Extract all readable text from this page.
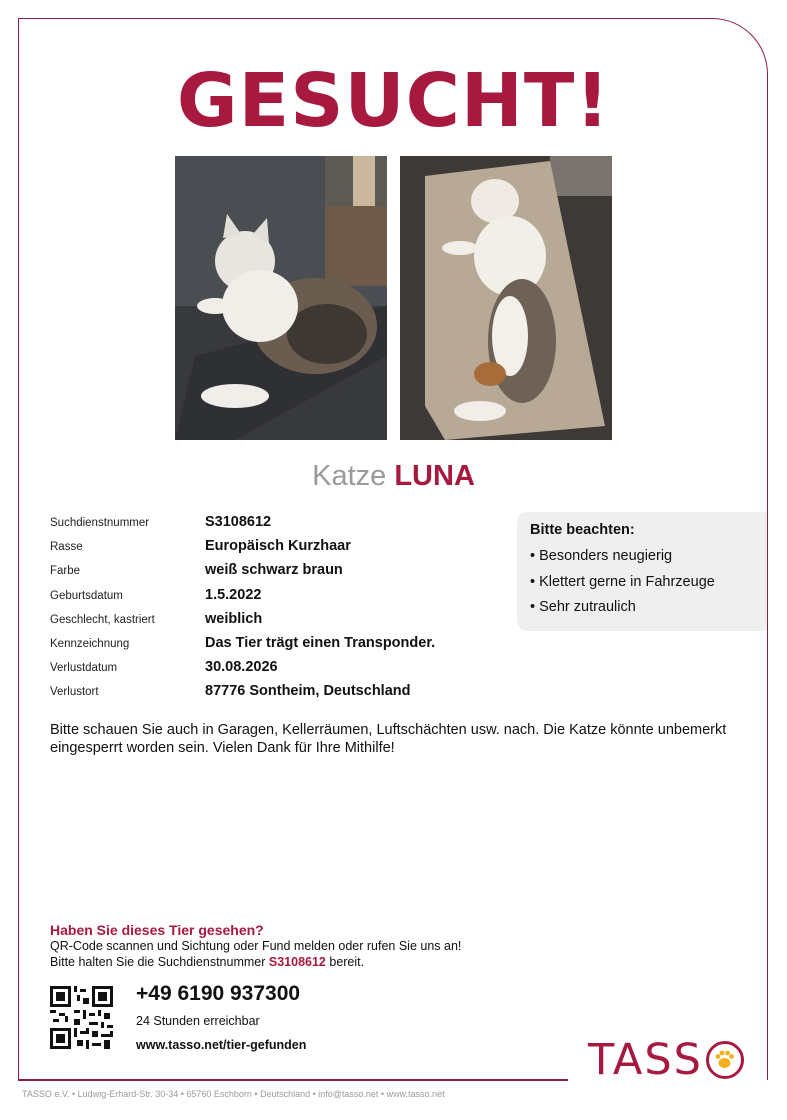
GESUCHT!
Katze LUNA
Suchdienstnummer	S3108612
Rasse	Europäisch Kurzhaar
Farbe	weiß schwarz braun
Geburtsdatum	1.5.2022
Geschlecht, kastriert	weiblich
Kennzeichnung	Das Tier trägt einen Transponder.
Verlustdatum	30.08.2026
Verlustort	87776 Sontheim, Deutschland
Bitte beachten:
• Besonders neugierig
• Klettert gerne in Fahrzeuge
• Sehr zutraulich
Bitte schauen Sie auch in Garagen, Kellerräumen, Luftschächten usw. nach. Die Katze könnte unbemerkt eingesperrt worden sein. Vielen Dank für Ihre Mithilfe!
Haben Sie dieses Tier gesehen?
QR-Code scannen und Sichtung oder Fund melden oder rufen Sie uns an!
Bitte halten Sie die Suchdienstnummer S3108612 bereit.
+49 6190 937300
24 Stunden erreichbar
www.tasso.net/tier-gefunden	TASS
TASSO e.V. • Ludwig-Erhard-Str. 30-34 • 65760 Eschborn • Deutschland • info@tasso.net • www.tasso.net
